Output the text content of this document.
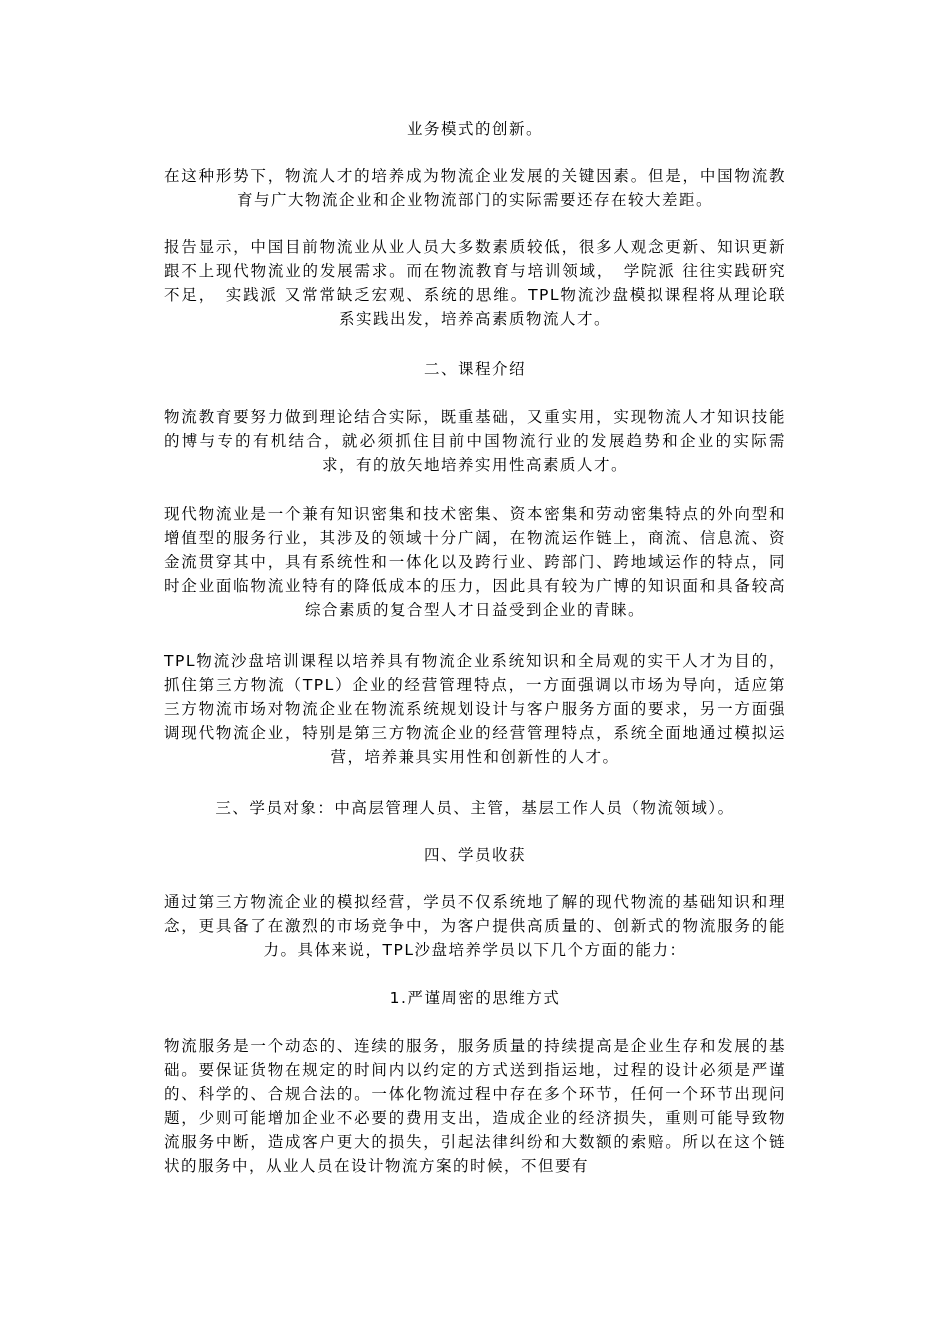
业务模式的创新。

在这种形势下，物流人才的培养成为物流企业发展的关键因素。但是，中国物流教育与广大物流企业和企业物流部门的实际需要还存在较大差距。

报告显示，中国目前物流业从业人员大多数素质较低，很多人观念更新、知识更新跟不上现代物流业的发展需求。而在物流教育与培训领域，　学院派 往往实践研究不足，　实践派 又常常缺乏宏观、系统的思维。TPL物流沙盘模拟课程将从理论联系实践出发，培养高素质物流人才。

二、课程介绍

物流教育要努力做到理论结合实际，既重基础，又重实用，实现物流人才知识技能的博与专的有机结合，就必须抓住目前中国物流行业的发展趋势和企业的实际需求，有的放矢地培养实用性高素质人才。

现代物流业是一个兼有知识密集和技术密集、资本密集和劳动密集特点的外向型和增值型的服务行业，其涉及的领域十分广阔，在物流运作链上，商流、信息流、资金流贯穿其中，具有系统性和一体化以及跨行业、跨部门、跨地域运作的特点，同时企业面临物流业特有的降低成本的压力，因此具有较为广博的知识面和具备较高综合素质的复合型人才日益受到企业的青睐。

TPL物流沙盘培训课程以培养具有物流企业系统知识和全局观的实干人才为目的，抓住第三方物流（TPL）企业的经营管理特点，一方面强调以市场为导向，适应第三方物流市场对物流企业在物流系统规划设计与客户服务方面的要求，另一方面强调现代物流企业，特别是第三方物流企业的经营管理特点，系统全面地通过模拟运营，培养兼具实用性和创新性的人才。

三、学员对象：中高层管理人员、主管，基层工作人员（物流领域）。

四、学员收获

通过第三方物流企业的模拟经营，学员不仅系统地了解的现代物流的基础知识和理念，更具备了在激烈的市场竞争中，为客户提供高质量的、创新式的物流服务的能力。具体来说，TPL沙盘培养学员以下几个方面的能力：

1.严谨周密的思维方式

物流服务是一个动态的、连续的服务，服务质量的持续提高是企业生存和发展的基础。要保证货物在规定的时间内以约定的方式送到指运地，过程的设计必须是严谨的、科学的、合规合法的。一体化物流过程中存在多个环节，任何一个环节出现问题，少则可能增加企业不必要的费用支出，造成企业的经济损失，重则可能导致物流服务中断，造成客户更大的损失，引起法律纠纷和大数额的索赔。所以在这个链状的服务中，从业人员在设计物流方案的时候，不但要有
